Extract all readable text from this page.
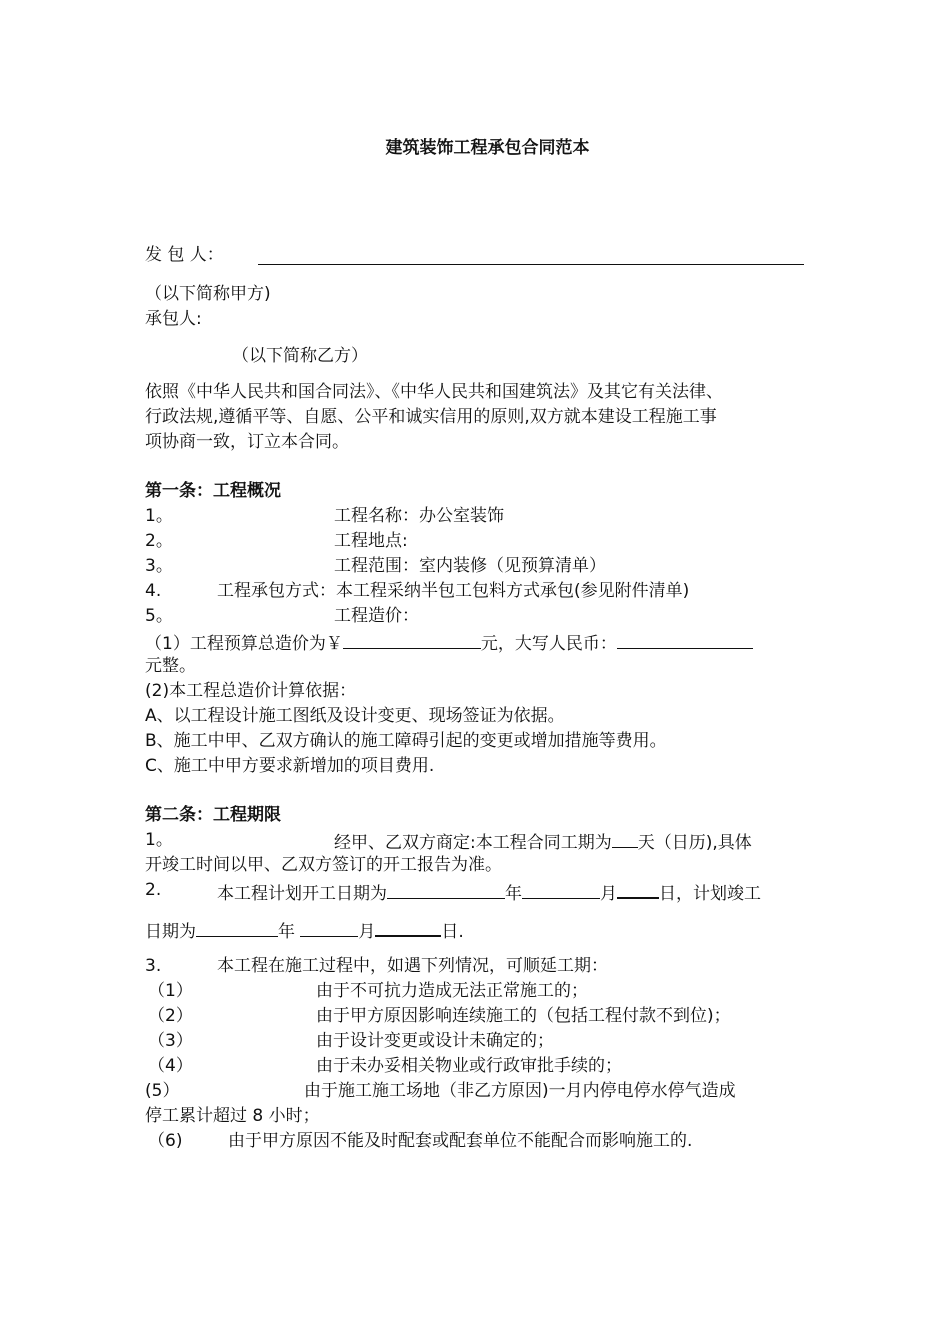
建筑装饰工程承包合同范本
发 包 人：
（以下简称甲方)
承包人:
（以下简称乙方）
依照《中华人民共和国合同法》、《中华人民共和国建筑法》及其它有关法律、
行政法规,遵循平等、自愿、公平和诚实信用的原则,双方就本建设工程施工事
项协商一致，订立本合同。
第一条：工程概况
1。	工程名称：办公室装饰
2。	工程地点:
3。	工程范围：室内装修（见预算清单）
4.	工程承包方式：本工程采纳半包工包料方式承包(参见附件清单)
5。	工程造价：
（1）工程预算总造价为￥	元，大写人民币：
元整。
(2)本工程总造价计算依据：
A、以工程设计施工图纸及设计变更、现场签证为依据。
B、施工中甲、乙双方确认的施工障碍引起的变更或增加措施等费用。
C、施工中甲方要求新增加的项目费用.
第二条：工程期限
1。	经甲、乙双方商定:本工程合同工期为 天（日历),具体
开竣工时间以甲、乙双方签订的开工报告为准。
2.	本工程计划开工日期为	年	月 日，计划竣工
日期为	年	月	日.
3.	本工程在施工过程中，如遇下列情况，可顺延工期：
（1）	由于不可抗力造成无法正常施工的；
（2）	由于甲方原因影响连续施工的（包括工程付款不到位)；
（3）	由于设计变更或设计未确定的；
（4）	由于未办妥相关物业或行政审批手续的；
(5）	由于施工施工场地（非乙方原因)一月内停电停水停气造成
停工累计超过 8 小时；
（6)	由于甲方原因不能及时配套或配套单位不能配合而影响施工的.
